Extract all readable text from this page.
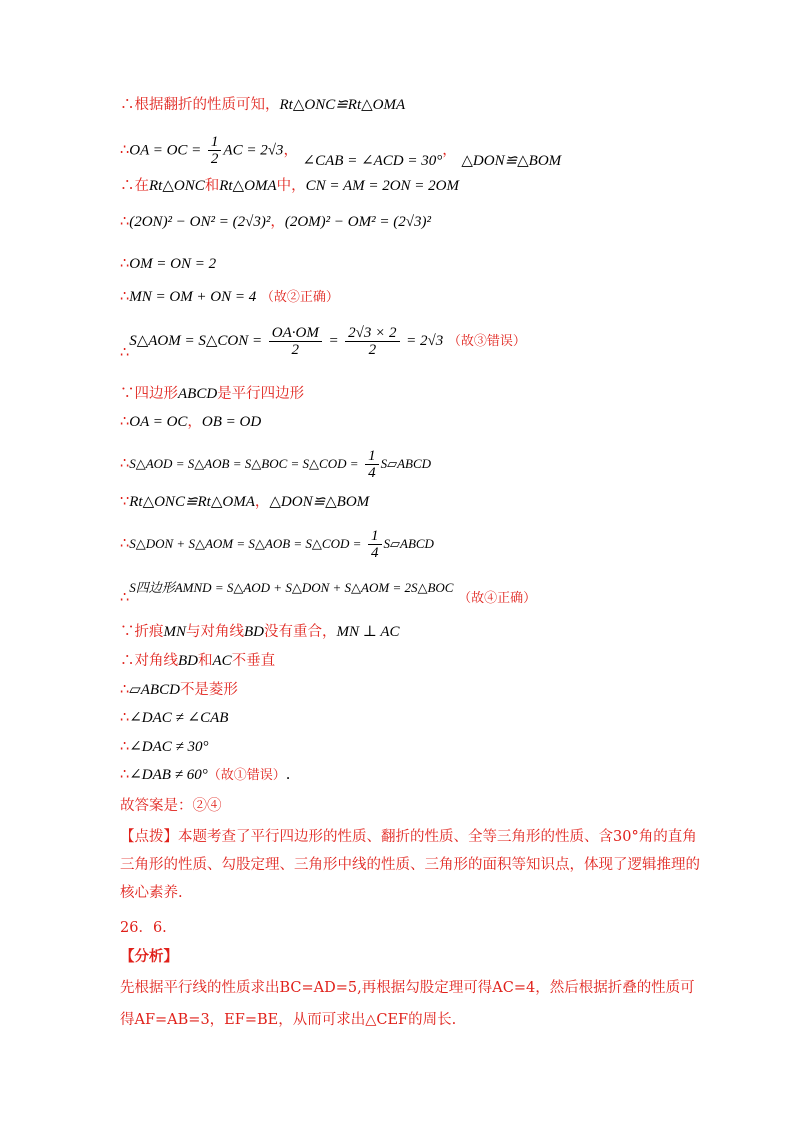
∴根据翻折的性质可知，Rt△ONC≌Rt△OMA
∴OA = OC = $\frac{1}{2}$ AC = 2√3， ∠CAB = ∠ACD = 30°， △DON≌△BOM
∴在Rt△ONC和Rt△OMA中，CN = AM = 2ON = 2OM
∴(2ON)² − ON² = (2√3)²，(2OM)² − OM² = (2√3)²
∴OM = ON = 2
∴MN = OM + ON = 4 （故②正确）
∴S△AOM = S△CON = $\frac{OA\cdot OM}{2} = \frac{2√3 \times 2}{2} = 2√3$ （故③错误）
∵四边形ABCD是平行四边形
∴OA = OC，OB = OD
∴S△AOD = S△AOB = S△BOC = S△COD = $\frac{1}{4}$ S▱ABCD
∵Rt△ONC≌Rt△OMA，△DON≌△BOM
∴S△DON + S△AOM = S△AOB = S△COD = $\frac{1}{4}$ S▱ABCD
∴S四边形AMND = S△AOD + S△DON + S△AOM = 2S△BOC （故④正确）
∵折痕MN与对角线BD没有重合，MN ⊥ AC
∴对角线BD和AC不垂直
∴▱ABCD不是菱形
∴∠DAC ≠ ∠CAB
∴∠DAC ≠ 30°
∴∠DAB ≠ 60°（故①错误）.
故答案是：②④
【点拨】本题考查了平行四边形的性质、翻折的性质、全等三角形的性质、含30°角的直角三角形的性质、勾股定理、三角形中线的性质、三角形的面积等知识点，体现了逻辑推理的核心素养.
26．6.
【分析】
先根据平行线的性质求出BC=AD=5,再根据勾股定理可得AC=4，然后根据折叠的性质可得AF=AB=3，EF=BE，从而可求出△CEF的周长.
